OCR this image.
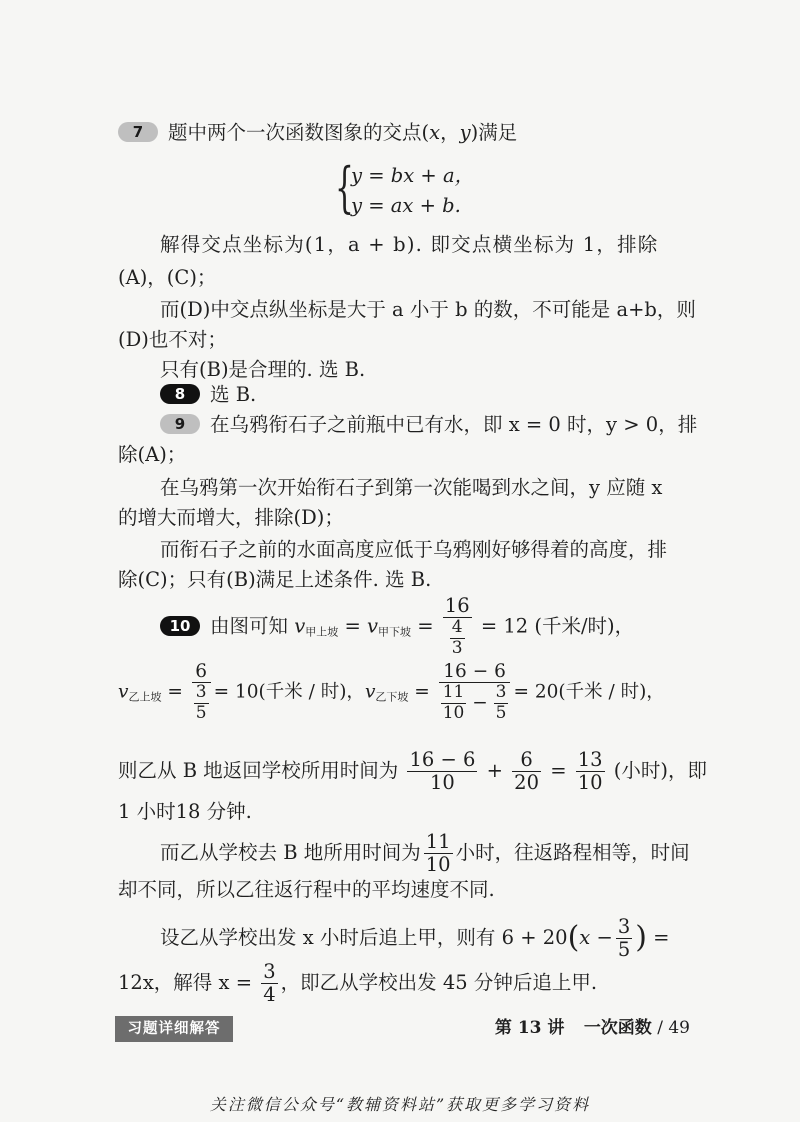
7 题中两个一次函数图象的交点(x，y)满足
{
y = bx + a，
y = ax + b.
解得交点坐标为(1，a + b). 即交点横坐标为 1，排除
(A)，(C)；
而(D)中交点纵坐标是大于 a 小于 b 的数，不可能是 a+b，则
(D)也不对；
只有(B)是合理的. 选 B.
8 选 B.
9 在乌鸦衔石子之前瓶中已有水，即 x = 0 时，y > 0，排
除(A)；
在乌鸦第一次开始衔石子到第一次能喝到水之间，y 应随 x
的增大而增大，排除(D)；
而衔石子之前的水面高度应低于乌鸦刚好够得着的高度，排
除(C)；只有(B)满足上述条件. 选 B.
10 由图可知 $v_{甲上坡} = v_{甲下坡} = \frac{16}{\frac{4}{3}} = 12$ (千米/时)，
$v_{乙上坡} = \frac{6}{\frac{3}{5}} = 10$(千米 / 时)，$v_{乙下坡} = \frac{16 - 6}{\frac{11}{10} - \frac{3}{5}} = 20$(千米 / 时)，
则乙从 B 地返回学校所用时间为 $\frac{16 - 6}{10} + \frac{6}{20} = \frac{13}{10}$ (小时)，即
1 小时18 分钟.
而乙从学校去 B 地所用时间为 $\frac{11}{10}$ 小时，往返路程相等，时间
却不同，所以乙往返行程中的平均速度不同.
设乙从学校出发 x 小时后追上甲，则有 $6 + 20(x - \frac{3}{5}$ ) =
12x，解得 $x = \frac{3}{4}$ ，即乙从学校出发 45 分钟后追上甲.
习题详细解答	第 13 讲 一次函数 / 49
关注微信公众号“教辅资料站”获取更多学习资料
